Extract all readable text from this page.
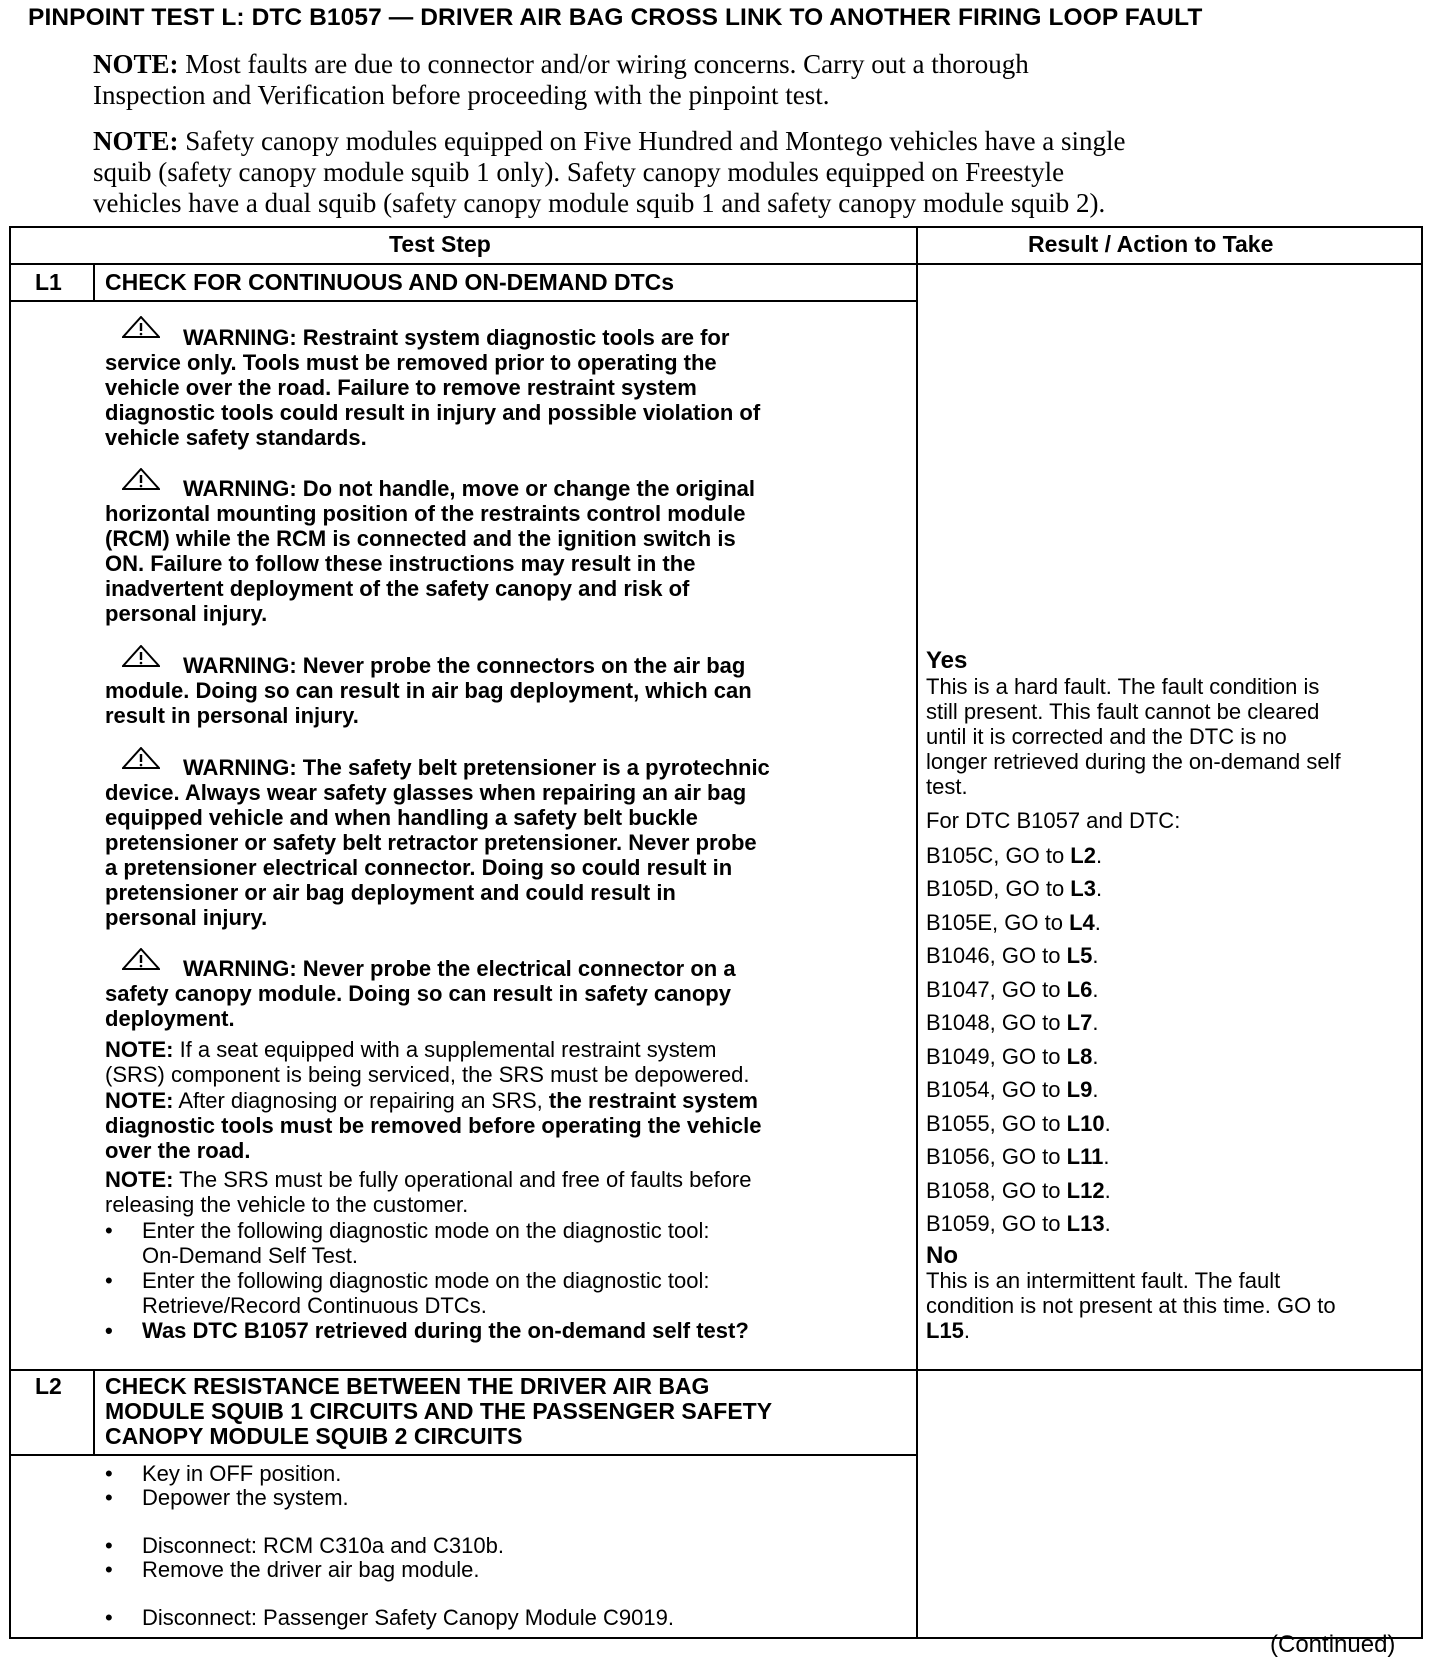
PINPOINT TEST L: DTC B1057 — DRIVER AIR BAG CROSS LINK TO ANOTHER FIRING LOOP FAULT
NOTE: Most faults are due to connector and/or wiring concerns. Carry out a thorough
Inspection and Verification before proceeding with the pinpoint test.
NOTE: Safety canopy modules equipped on Five Hundred and Montego vehicles have a single
squib (safety canopy module squib 1 only). Safety canopy modules equipped on Freestyle
vehicles have a dual squib (safety canopy module squib 1 and safety canopy module squib 2).
Test Step	Result / Action to Take
L1 CHECK FOR CONTINUOUS AND ON-DEMAND DTCs
WARNING: Restraint system diagnostic tools are for
service only. Tools must be removed prior to operating the
vehicle over the road. Failure to remove restraint system
diagnostic tools could result in injury and possible violation of
vehicle safety standards.
WARNING: Do not handle, move or change the original
horizontal mounting position of the restraints control module
(RCM) while the RCM is connected and the ignition switch is
ON. Failure to follow these instructions may result in the
inadvertent deployment of the safety canopy and risk of
personal injury.
WARNING: Never probe the connectors on the air bag
module. Doing so can result in air bag deployment, which can
result in personal injury.
WARNING: The safety belt pretensioner is a pyrotechnic
device. Always wear safety glasses when repairing an air bag
equipped vehicle and when handling a safety belt buckle
pretensioner or safety belt retractor pretensioner. Never probe
a pretensioner electrical connector. Doing so could result in
pretensioner or air bag deployment and could result in
personal injury.
WARNING: Never probe the electrical connector on a
safety canopy module. Doing so can result in safety canopy
deployment.
NOTE: If a seat equipped with a supplemental restraint system
(SRS) component is being serviced, the SRS must be depowered.
NOTE: After diagnosing or repairing an SRS, the restraint system
diagnostic tools must be removed before operating the vehicle
over the road.
NOTE: The SRS must be fully operational and free of faults before
releasing the vehicle to the customer.
• Enter the following diagnostic mode on the diagnostic tool:
On-Demand Self Test.
• Enter the following diagnostic mode on the diagnostic tool:
Retrieve/Record Continuous DTCs.
• Was DTC B1057 retrieved during the on-demand self test?
Yes
This is a hard fault. The fault condition is
still present. This fault cannot be cleared
until it is corrected and the DTC is no
longer retrieved during the on-demand self
test.
For DTC B1057 and DTC:
B105C, GO to L2.
B105D, GO to L3.
B105E, GO to L4.
B1046, GO to L5.
B1047, GO to L6.
B1048, GO to L7.
B1049, GO to L8.
B1054, GO to L9.
B1055, GO to L10.
B1056, GO to L11.
B1058, GO to L12.
B1059, GO to L13.
No
This is an intermittent fault. The fault
condition is not present at this time. GO to
L15.
L2 CHECK RESISTANCE BETWEEN THE DRIVER AIR BAG
MODULE SQUIB 1 CIRCUITS AND THE PASSENGER SAFETY
CANOPY MODULE SQUIB 2 CIRCUITS
• Key in OFF position.
• Depower the system.
• Disconnect: RCM C310a and C310b.
• Remove the driver air bag module.
• Disconnect: Passenger Safety Canopy Module C9019.
(Continued)
